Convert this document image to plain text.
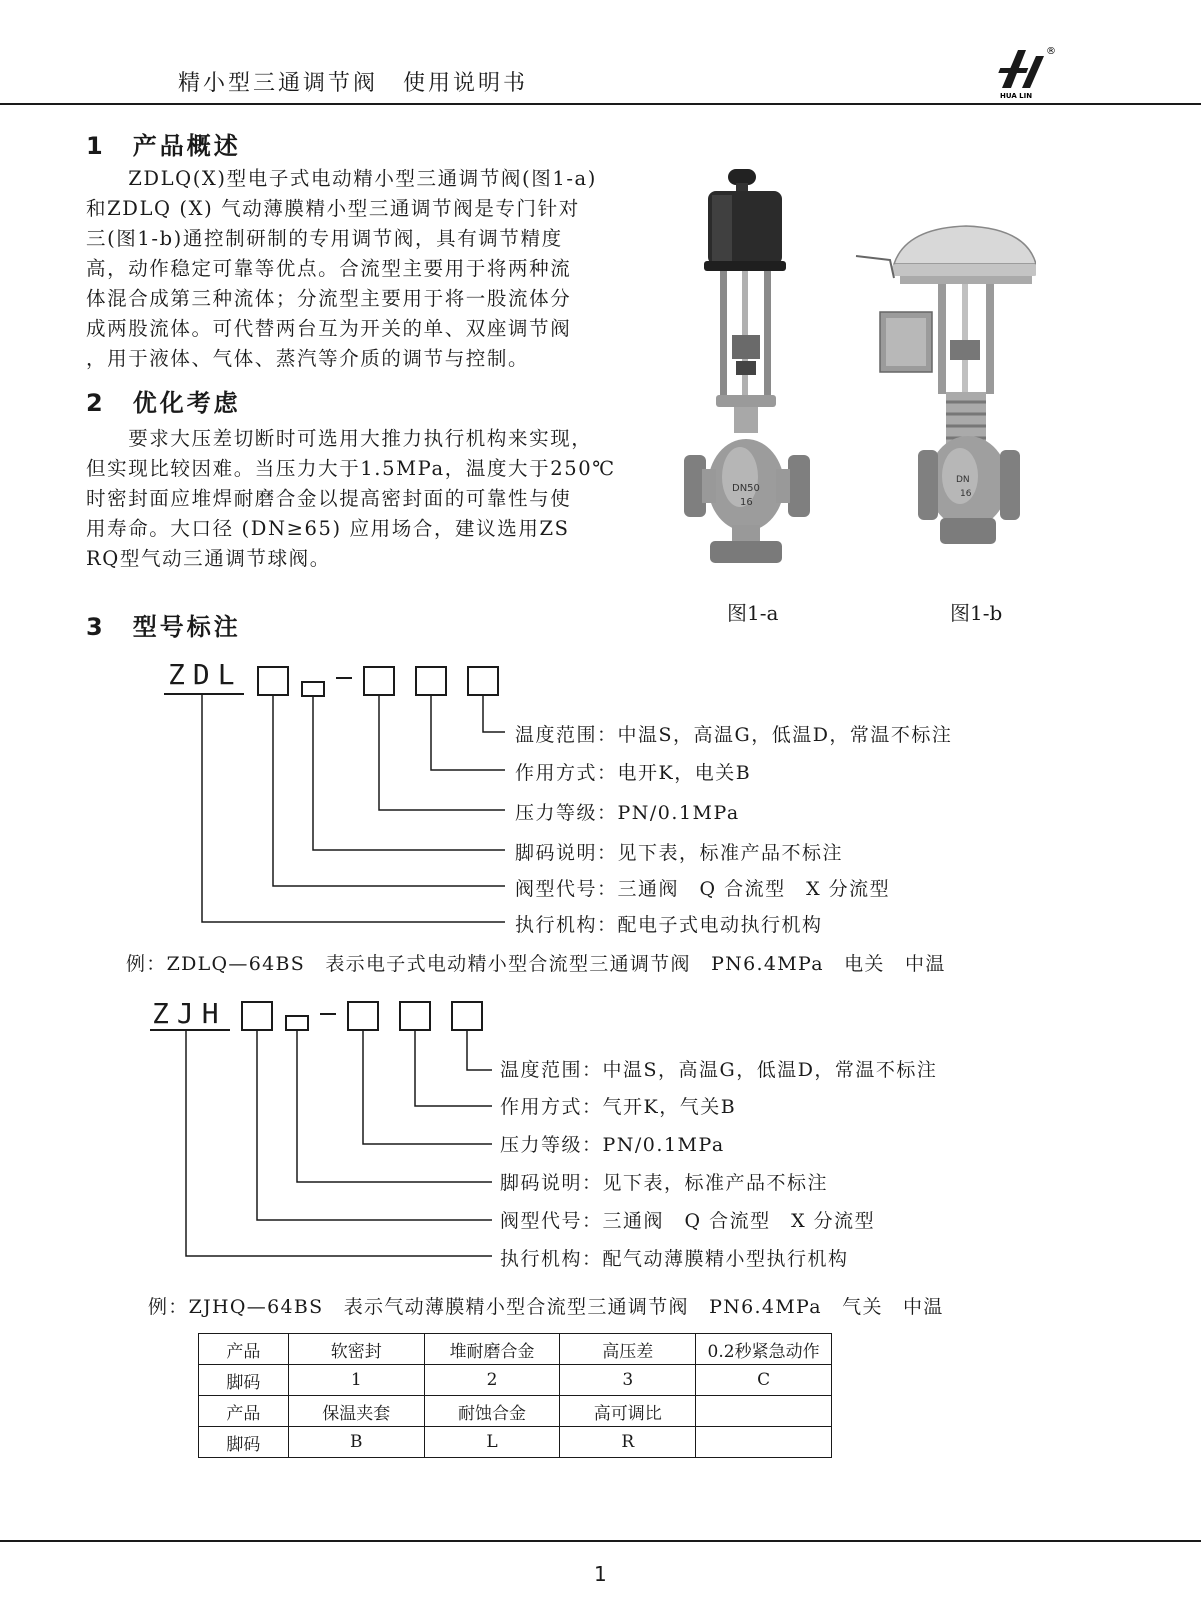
精小型三通调节阀　使用说明书	HUA LIN
®
1　产品概述
　　ZDLQ(X)型电子式电动精小型三通调节阀(图1-a)
和ZDLQ (X) 气动薄膜精小型三通调节阀是专门针对
三(图1-b)通控制研制的专用调节阀，具有调节精度
高，动作稳定可靠等优点。合流型主要用于将两种流
体混合成第三种流体；分流型主要用于将一股流体分
成两股流体。可代替两台互为开关的单、双座调节阀
，用于液体、气体、蒸汽等介质的调节与控制。
2　优化考虑
　　要求大压差切断时可选用大推力执行机构来实现，
但实现比较因难。当压力大于1.5MPa，温度大于250℃
时密封面应堆焊耐磨合金以提高密封面的可靠性与使
用寿命。大口径 (DN≥65) 应用场合，建议选用ZS
RQ型气动三通调节球阀。
DN50
16
图1-a
DN
16
图1-b
3　型号标注
ZDL
温度范围：中温S，高温G，低温D，常温不标注
作用方式：电开K，电关B
压力等级：PN/0.1MPa
脚码说明：见下表，标准产品不标注
阀型代号：三通阀　Q 合流型　X 分流型
执行机构：配电子式电动执行机构
例：ZDLQ—64BS　表示电子式电动精小型合流型三通调节阀　PN6.4MPa　电关　中温
ZJH
温度范围：中温S，高温G，低温D，常温不标注
作用方式：气开K，气关B
压力等级：PN/0.1MPa
脚码说明：见下表，标准产品不标注
阀型代号：三通阀　Q 合流型　X 分流型
执行机构：配气动薄膜精小型执行机构
例：ZJHQ—64BS　表示气动薄膜精小型合流型三通调节阀　PN6.4MPa　气关　中温
产品	软密封	堆耐磨合金	高压差	0.2秒紧急动作
脚码	1	2	3	C
产品	保温夹套	耐蚀合金	高可调比	
脚码	B	L	R	
1
